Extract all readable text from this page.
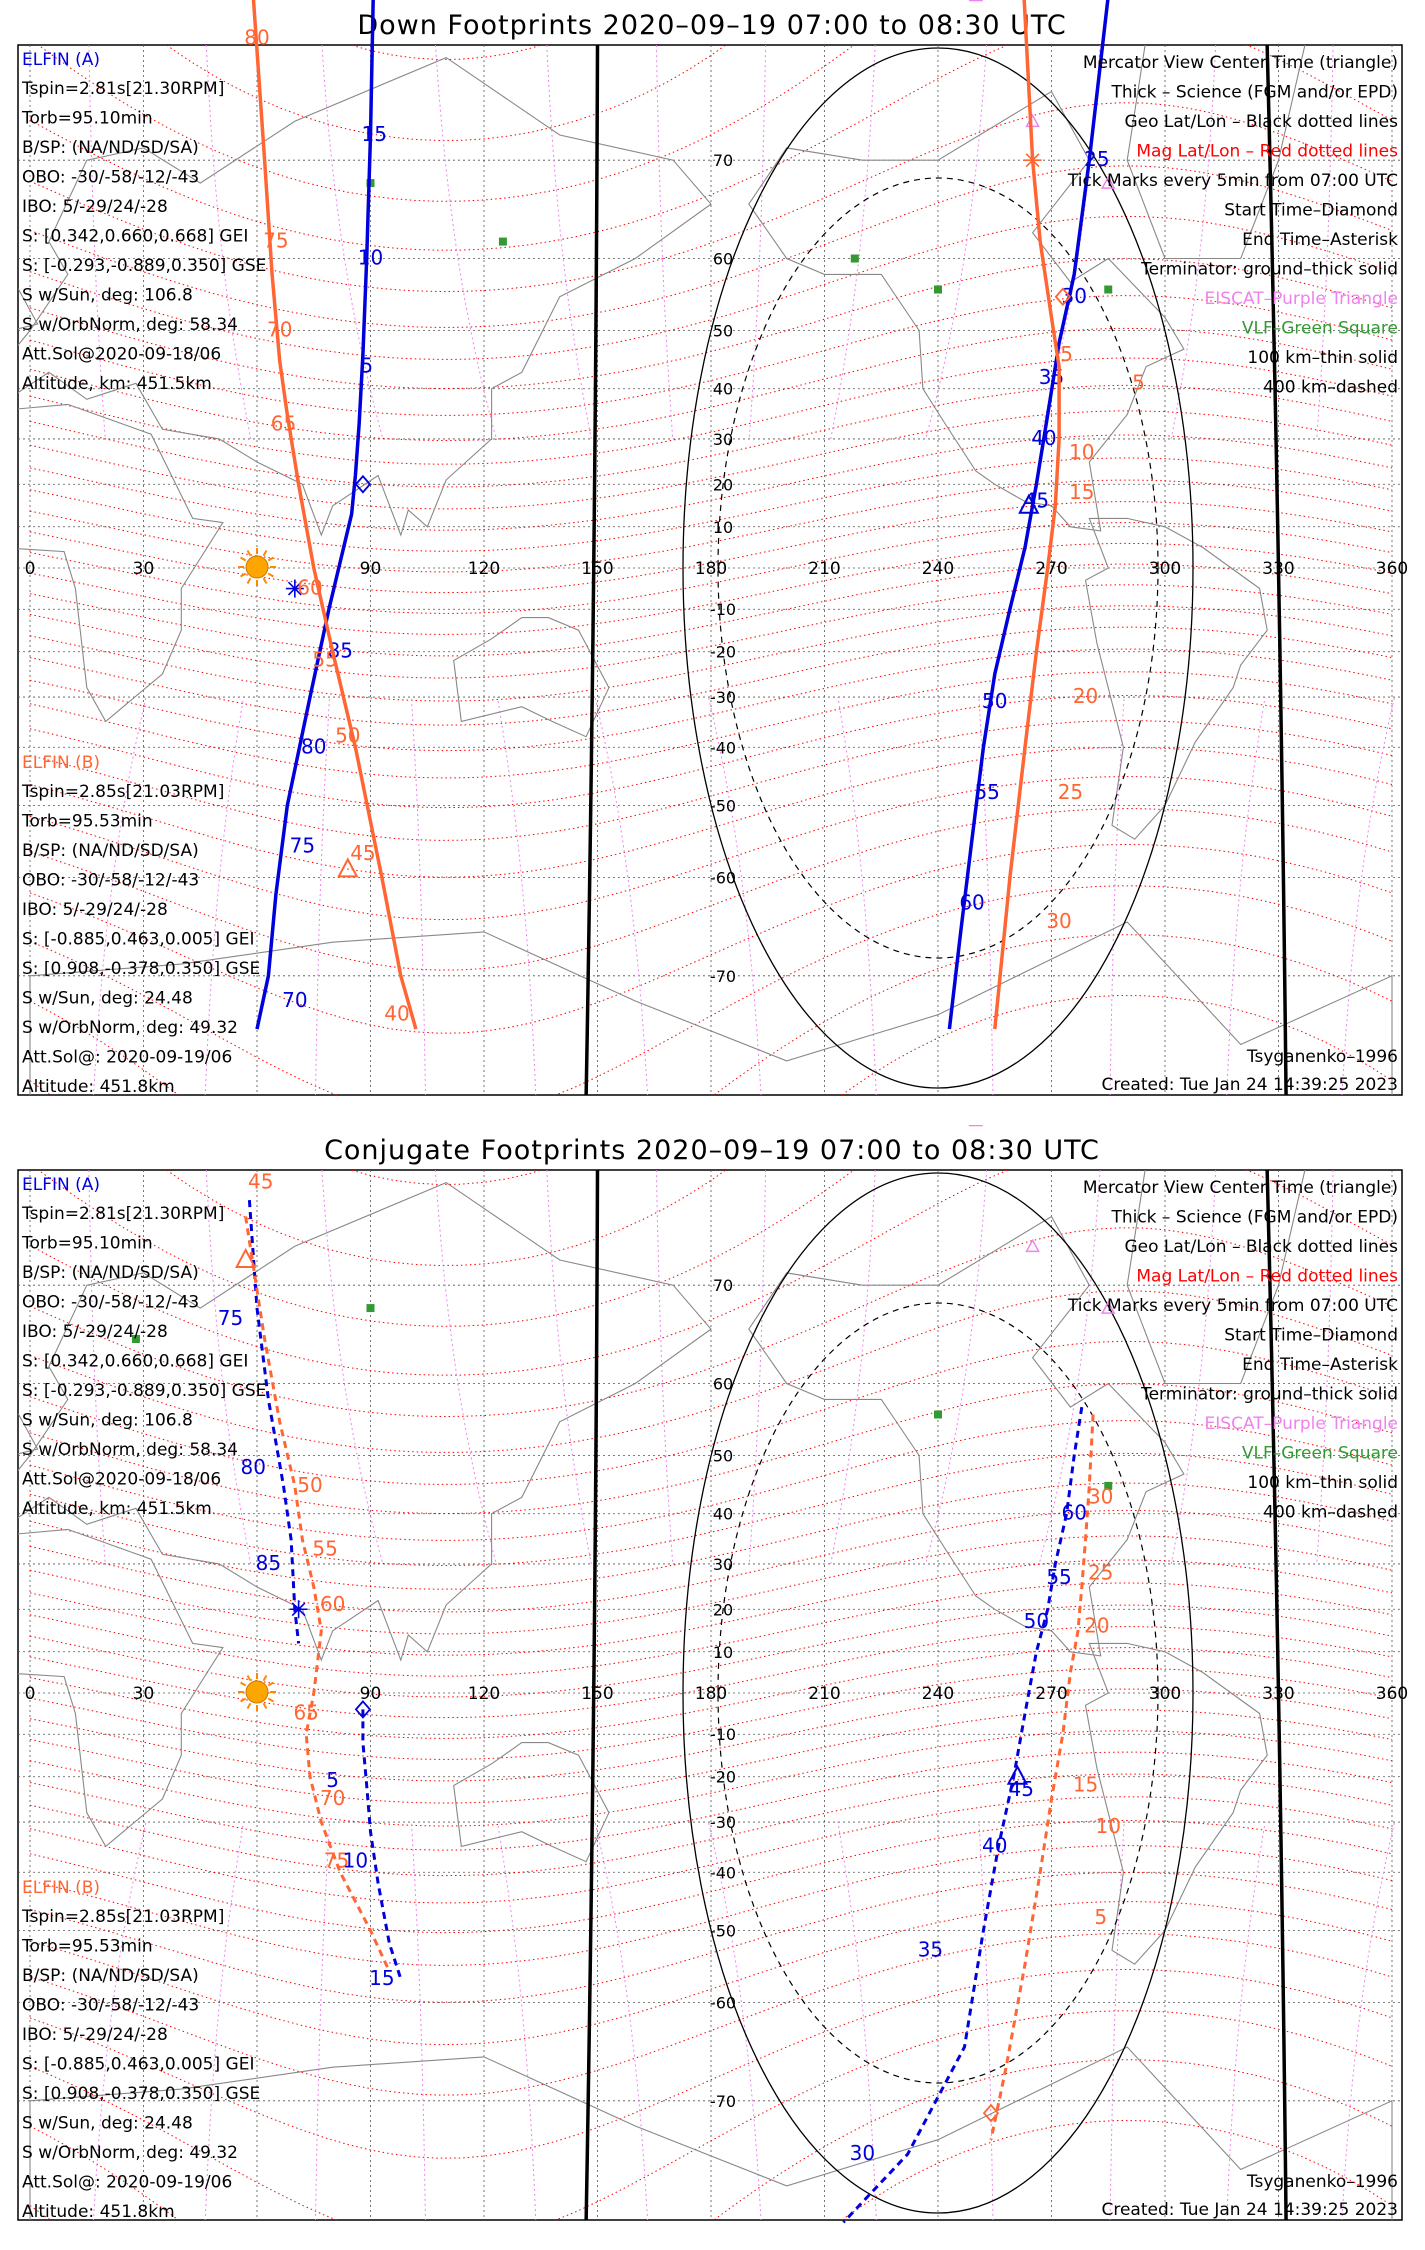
Down Footprints 2020–09–19 07:00 to 08:30 UTC
0	30	90	120	150	180	210	240	270	300	330	360
70
60
50
40
30
20
10
-10
-20
-30
-40
-50
-60
-70
15
10
5
85
80
75
70
80
75
70
65
60
55
50
45
40
25
30
35
40
45
50
55
60
5
10
15
20
25
30
5
ELFIN (A)
Tspin=2.81s[21.30RPM]
Torb=95.10min
B/SP: (NA/ND/SD/SA)
OBO: -30/-58/-12/-43
IBO: 5/-29/24/-28
S: [0.342,0.660,0.668] GEI
S: [-0.293,-0.889,0.350] GSE
S w/Sun, deg: 106.8
S w/OrbNorm, deg: 58.34
Att.Sol@2020-09-18/06
Altitude, km: 451.5km
ELFIN (B)
Tspin=2.85s[21.03RPM]
Torb=95.53min
B/SP: (NA/ND/SD/SA)
OBO: -30/-58/-12/-43
IBO: 5/-29/24/-28
S: [-0.885,0.463,0.005] GEI
S: [0.908,-0.378,0.350] GSE
S w/Sun, deg: 24.48
S w/OrbNorm, deg: 49.32
Att.Sol@: 2020-09-19/06
Altitude: 451.8km
Mercator View Center Time (triangle)
Thick – Science (FGM and/or EPD)
Geo Lat/Lon – Black dotted lines
Mag Lat/Lon – Red dotted lines
Tick Marks every 5min from 07:00 UTC
Start Time–Diamond
End Time–Asterisk
Terminator: ground–thick solid
EISCAT–Purple Triangle
VLF–Green Square
100 km–thin solid
400 km–dashed
Tsyganenko–1996
Created: Tue Jan 24 14:39:25 2023
Conjugate Footprints 2020–09–19 07:00 to 08:30 UTC
0	30	90	120	150	180	210	240	270	300	330	360
70
60
50
40
30
20
10
-10
-20
-30
-40
-50
-60
-70
75
80
85
50
55
60
65
70
75
5
10
15
60
55
50
45
40
35
30
30
25
20
15
10
5
45
ELFIN (A)
Tspin=2.81s[21.30RPM]
Torb=95.10min
B/SP: (NA/ND/SD/SA)
OBO: -30/-58/-12/-43
IBO: 5/-29/24/-28
S: [0.342,0.660,0.668] GEI
S: [-0.293,-0.889,0.350] GSE
S w/Sun, deg: 106.8
S w/OrbNorm, deg: 58.34
Att.Sol@2020-09-18/06
Altitude, km: 451.5km
ELFIN (B)
Tspin=2.85s[21.03RPM]
Torb=95.53min
B/SP: (NA/ND/SD/SA)
OBO: -30/-58/-12/-43
IBO: 5/-29/24/-28
S: [-0.885,0.463,0.005] GEI
S: [0.908,-0.378,0.350] GSE
S w/Sun, deg: 24.48
S w/OrbNorm, deg: 49.32
Att.Sol@: 2020-09-19/06
Altitude: 451.8km
Mercator View Center Time (triangle)
Thick – Science (FGM and/or EPD)
Geo Lat/Lon – Black dotted lines
Mag Lat/Lon – Red dotted lines
Tick Marks every 5min from 07:00 UTC
Start Time–Diamond
End Time–Asterisk
Terminator: ground–thick solid
EISCAT–Purple Triangle
VLF–Green Square
100 km–thin solid
400 km–dashed
Tsyganenko–1996
Created: Tue Jan 24 14:39:25 2023
